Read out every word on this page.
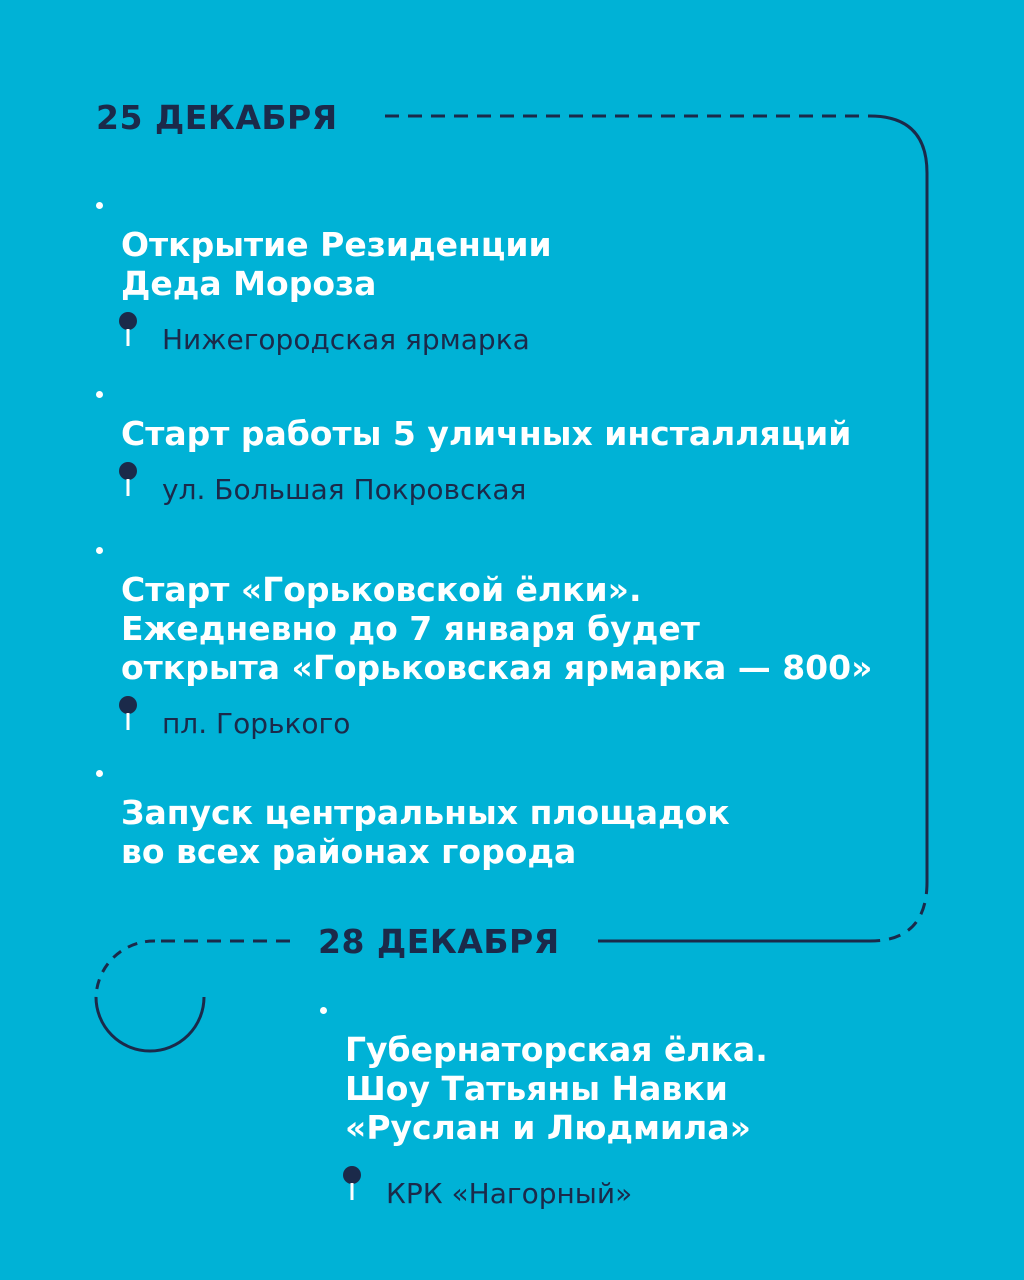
25 ДЕКАБРЯ

Открытие Резиденции
Деда Мороза

Нижегородская ярмарка

Старт работы 5 уличных инсталляций

ул. Большая Покровская

Старт «Горьковской ёлки».
Ежедневно до 7 января будет
открыта «Горьковская ярмарка — 800»

пл. Горького

Запуск центральных площадок
во всех районах города

28 ДЕКАБРЯ

Губернаторская ёлка.
Шоу Татьяны Навки
«Руслан и Людмила»

КРК «Нагорный»
